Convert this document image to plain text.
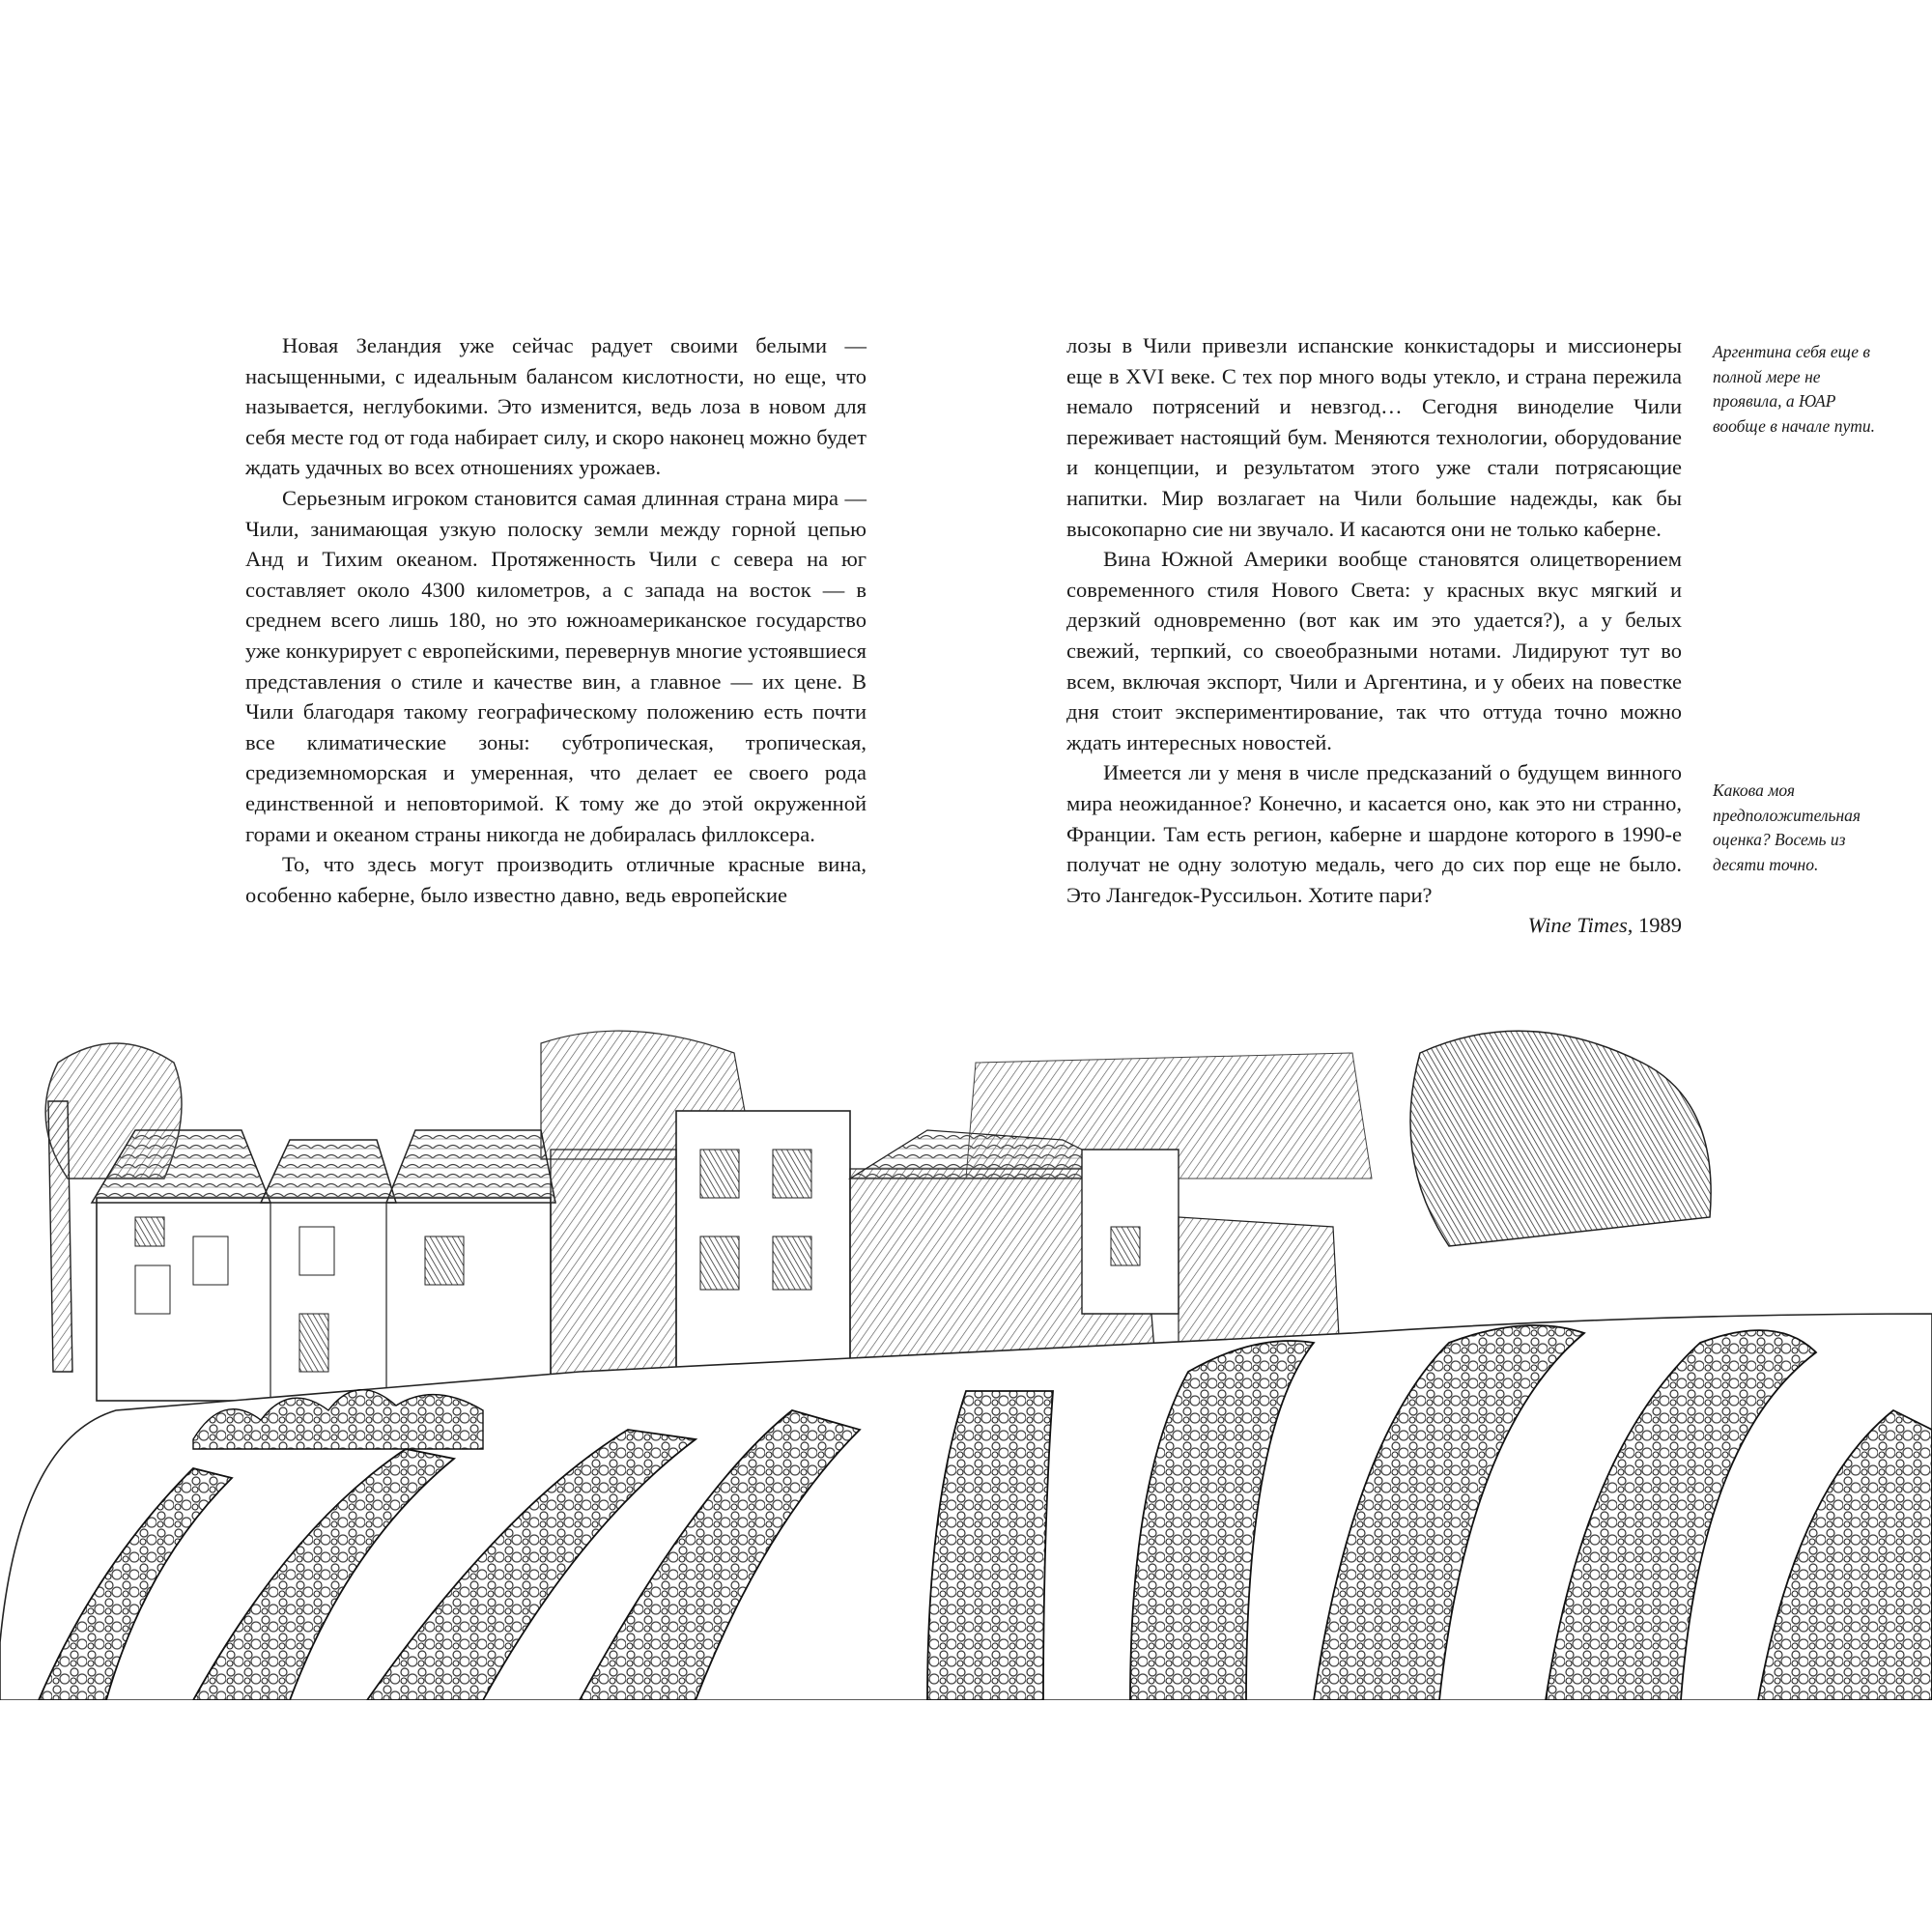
Новая Зеландия уже сейчас радует своими белыми — насыщенными, с идеальным балансом кислотности, но еще, что называется, неглубокими. Это изменится, ведь лоза в новом для себя месте год от года набирает силу, и скоро наконец можно будет ждать удачных во всех отношениях урожаев.

Серьезным игроком становится самая длинная страна мира — Чили, занимающая узкую полоску земли между горной цепью Анд и Тихим океаном. Протяженность Чили с севера на юг составляет около 4300 километров, а с запада на восток — в среднем всего лишь 180, но это южноамериканское государство уже конкурирует с европейскими, перевернув многие устоявшиеся представления о стиле и качестве вин, а главное — их цене. В Чили благодаря такому географическому положению есть почти все климатические зоны: субтропическая, тропическая, средиземноморская и умеренная, что делает ее своего рода единственной и неповторимой. К тому же до этой окруженной горами и океаном страны никогда не добиралась филлоксера.

То, что здесь могут производить отличные красные вина, особенно каберне, было известно давно, ведь европейские

лозы в Чили привезли испанские конкистадоры и миссионеры еще в XVI веке. С тех пор много воды утекло, и страна пережила немало потрясений и невзгод… Сегодня виноделие Чили переживает настоящий бум. Меняются технологии, оборудование и концепции, и результатом этого уже стали потрясающие напитки. Мир возлагает на Чили большие надежды, как бы высокопарно сие ни звучало. И касаются они не только каберне.

Вина Южной Америки вообще становятся олицетворением современного стиля Нового Света: у красных вкус мягкий и дерзкий одновременно (вот как им это удается?), а у белых свежий, терпкий, со своеобразными нотами. Лидируют тут во всем, включая экспорт, Чили и Аргентина, и у обеих на повестке дня стоит экспериментирование, так что оттуда точно можно ждать интересных новостей.

Имеется ли у меня в числе предсказаний о будущем винного мира неожиданное? Конечно, и касается оно, как это ни странно, Франции. Там есть регион, каберне и шардоне которого в 1990-е получат не одну золотую медаль, чего до сих пор еще не было. Это Лангедок-Руссильон. Хотите пари?

Wine Times, 1989
Аргентина себя еще в полной мере не проявила, а ЮАР вообще в начале пути.
Какова моя предположительная оценка? Восемь из десяти точно.
